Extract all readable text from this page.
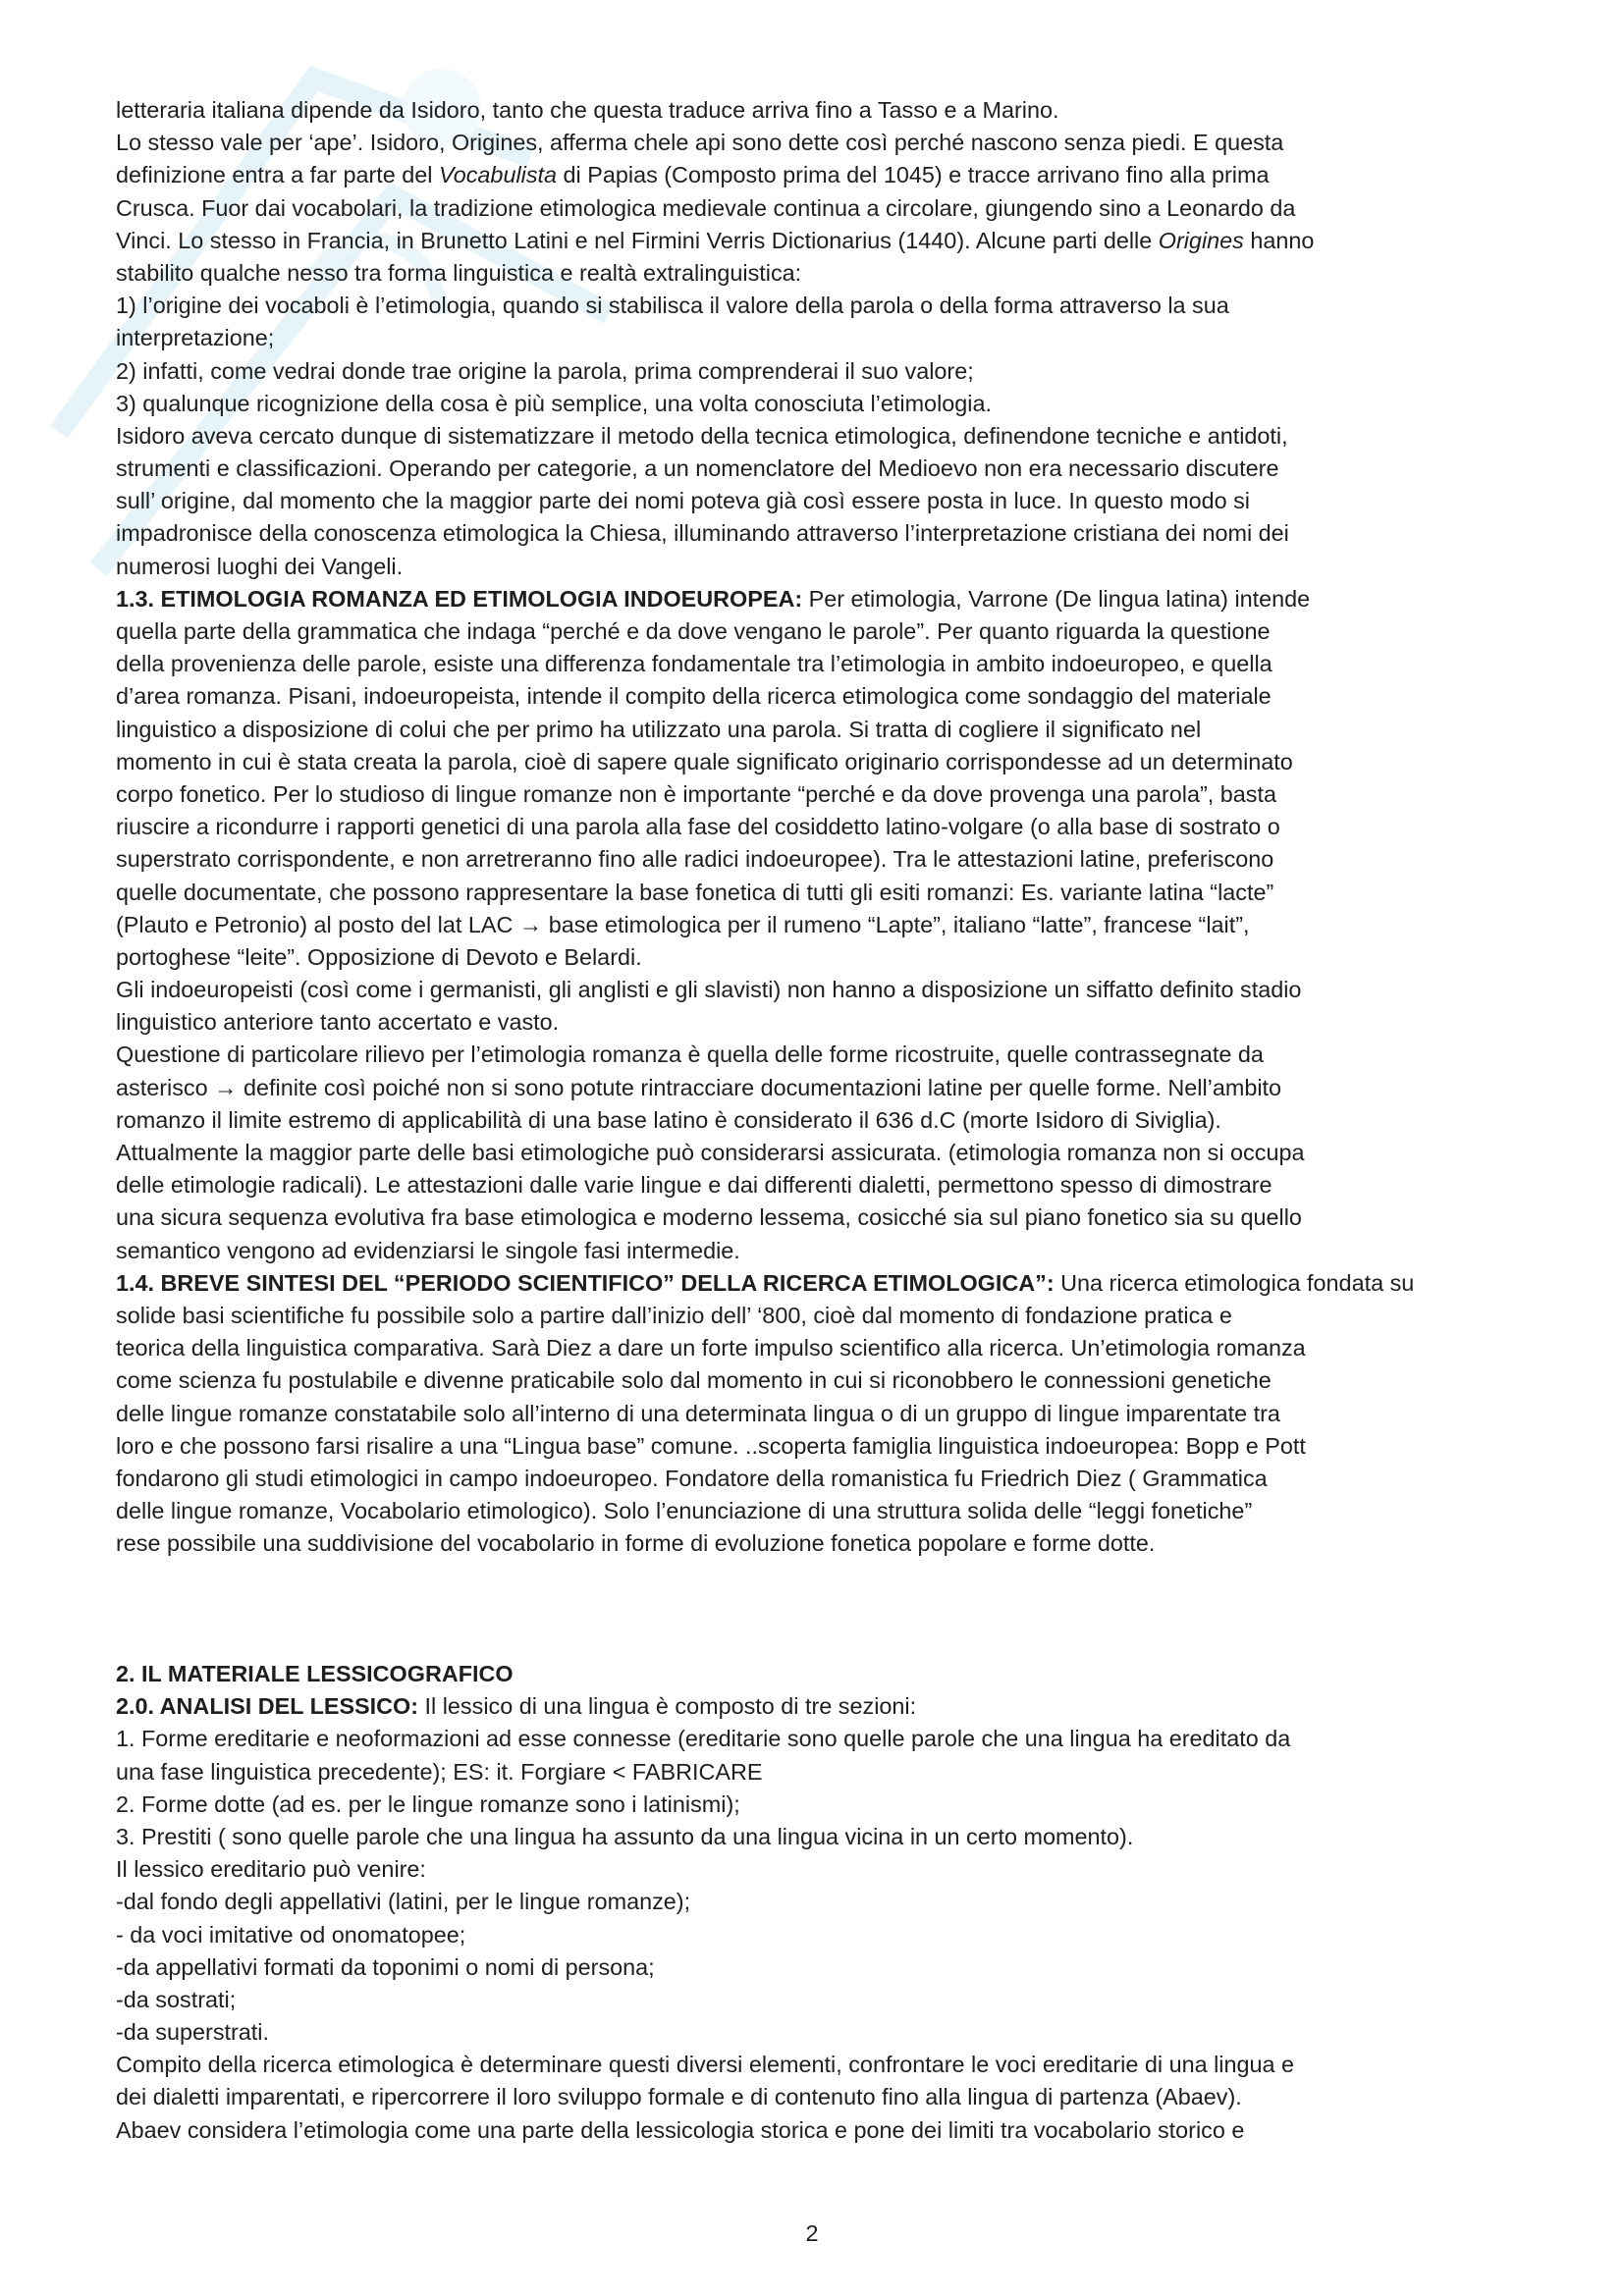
letteraria italiana dipende da Isidoro, tanto che questa traduce arriva fino a Tasso e a Marino.
Lo stesso vale per ‘ape’. Isidoro, Origines, afferma chele api sono dette così perché nascono senza piedi. E questa
definizione entra a far parte del Vocabulista di Papias (Composto prima del 1045) e tracce arrivano fino alla prima
Crusca. Fuor dai vocabolari, la tradizione etimologica medievale continua a circolare, giungendo sino a Leonardo da
Vinci. Lo stesso in Francia, in Brunetto Latini e nel Firmini Verris Dictionarius (1440). Alcune parti delle Origines hanno
stabilito qualche nesso tra forma linguistica e realtà extralinguistica:
1) l’origine dei vocaboli è l’etimologia, quando si stabilisca il valore della parola o della forma attraverso la sua
interpretazione;
2) infatti, come vedrai donde trae origine la parola, prima comprenderai il suo valore;
3) qualunque ricognizione della cosa è più semplice, una volta conosciuta l’etimologia.
Isidoro aveva cercato dunque di sistematizzare il metodo della tecnica etimologica, definendone tecniche e antidoti,
strumenti e classificazioni. Operando per categorie, a un nomenclatore del Medioevo non era necessario discutere
sull’ origine, dal momento che la maggior parte dei nomi poteva già così essere posta in luce. In questo modo si
impadronisce della conoscenza etimologica la Chiesa, illuminando attraverso l’interpretazione cristiana dei nomi dei
numerosi luoghi dei Vangeli.
1.3. ETIMOLOGIA ROMANZA ED ETIMOLOGIA INDOEUROPEA: Per etimologia, Varrone (De lingua latina) intende
quella parte della grammatica che indaga “perché e da dove vengano le parole”. Per quanto riguarda la questione
della provenienza delle parole, esiste una differenza fondamentale tra l’etimologia in ambito indoeuropeo, e quella
d’area romanza. Pisani, indoeuropeista, intende il compito della ricerca etimologica come sondaggio del materiale
linguistico a disposizione di colui che per primo ha utilizzato una parola. Si tratta di cogliere il significato nel
momento in cui è stata creata la parola, cioè di sapere quale significato originario corrispondesse ad un determinato
corpo fonetico. Per lo studioso di lingue romanze non è importante “perché e da dove provenga una parola”, basta
riuscire a ricondurre i rapporti genetici di una parola alla fase del cosiddetto latino-volgare (o alla base di sostrato o
superstrato corrispondente, e non arretreranno fino alle radici indoeuropee). Tra le attestazioni latine, preferiscono
quelle documentate, che possono rappresentare la base fonetica di tutti gli esiti romanzi: Es. variante latina “lacte”
(Plauto e Petronio) al posto del lat LAC → base etimologica per il rumeno “Lapte”, italiano “latte”, francese “lait”,
portoghese “leite”. Opposizione di Devoto e Belardi.
Gli indoeuropeisti (così come i germanisti, gli anglisti e gli slavisti) non hanno a disposizione un siffatto definito stadio
linguistico anteriore tanto accertato e vasto.
Questione di particolare rilievo per l’etimologia romanza è quella delle forme ricostruite, quelle contrassegnate da
asterisco → definite così poiché non si sono potute rintracciare documentazioni latine per quelle forme. Nell’ambito
romanzo il limite estremo di applicabilità di una base latino è considerato il 636 d.C (morte Isidoro di Siviglia).
Attualmente la maggior parte delle basi etimologiche può considerarsi assicurata. (etimologia romanza non si occupa
delle etimologie radicali). Le attestazioni dalle varie lingue e dai differenti dialetti, permettono spesso di dimostrare
una sicura sequenza evolutiva fra base etimologica e moderno lessema, cosicché sia sul piano fonetico sia su quello
semantico vengono ad evidenziarsi le singole fasi intermedie.
1.4. BREVE SINTESI DEL “PERIODO SCIENTIFICO” DELLA RICERCA ETIMOLOGICA”: Una ricerca etimologica fondata su
solide basi scientifiche fu possibile solo a partire dall’inizio dell’ ‘800, cioè dal momento di fondazione pratica e
teorica della linguistica comparativa. Sarà Diez a dare un forte impulso scientifico alla ricerca. Un’etimologia romanza
come scienza fu postulabile e divenne praticabile solo dal momento in cui si riconobbero le connessioni genetiche
delle lingue romanze constatabile solo all’interno di una determinata lingua o di un gruppo di lingue imparentate tra
loro e che possono farsi risalire a una “Lingua base” comune. ..scoperta famiglia linguistica indoeuropea: Bopp e Pott
fondarono gli studi etimologici in campo indoeuropeo. Fondatore della romanistica fu Friedrich Diez ( Grammatica
delle lingue romanze, Vocabolario etimologico). Solo l’enunciazione di una struttura solida delle “leggi fonetiche”
rese possibile una suddivisione del vocabolario in forme di evoluzione fonetica popolare e forme dotte.
2. IL MATERIALE LESSICOGRAFICO
2.0. ANALISI DEL LESSICO: Il lessico di una lingua è composto di tre sezioni:
1. Forme ereditarie e neoformazioni ad esse connesse (ereditarie sono quelle parole che una lingua ha ereditato da
una fase linguistica precedente); ES: it. Forgiare < FABRICARE
2. Forme dotte (ad es. per le lingue romanze sono i latinismi);
3. Prestiti ( sono quelle parole che una lingua ha assunto da una lingua vicina in un certo momento).
Il lessico ereditario può venire:
-dal fondo degli appellativi (latini, per le lingue romanze);
- da voci imitative od onomatopee;
-da appellativi formati da toponimi o nomi di persona;
-da sostrati;
-da superstrati.
Compito della ricerca etimologica è determinare questi diversi elementi, confrontare le voci ereditarie di una lingua e
dei dialetti imparentati, e ripercorrere il loro sviluppo formale e di contenuto fino alla lingua di partenza (Abaev).
Abaev considera l’etimologia come una parte della lessicologia storica e pone dei limiti tra vocabolario storico e
2
